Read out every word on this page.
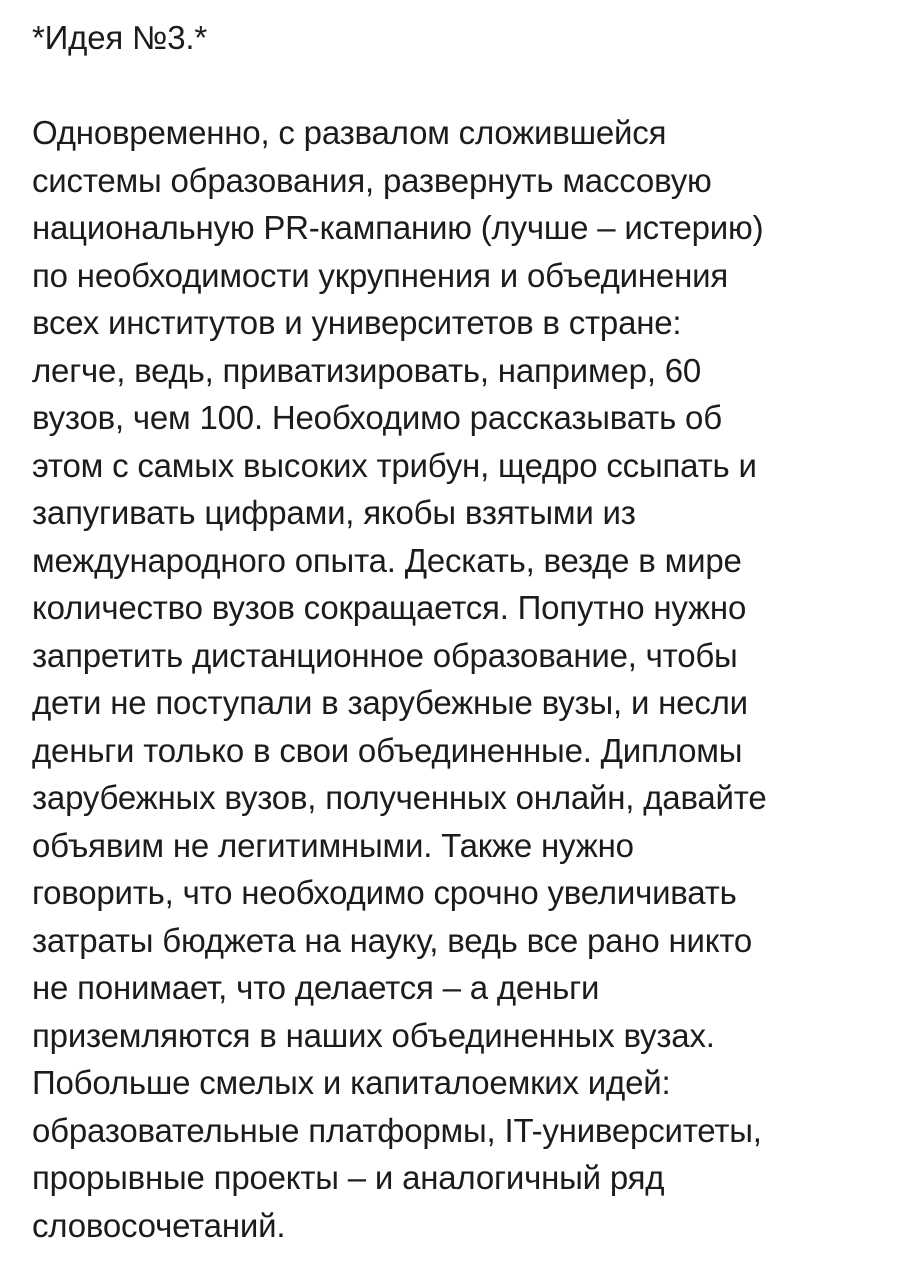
*Идея №3.*
Одновременно, с развалом сложившейся
системы образования, развернуть массовую
национальную PR-кампанию (лучше – истерию)
по необходимости укрупнения и объединения
всех институтов и университетов в стране:
легче, ведь, приватизировать, например, 60
вузов, чем 100. Необходимо рассказывать об
этом с самых высоких трибун, щедро ссыпать и
запугивать цифрами, якобы взятыми из
международного опыта. Дескать, везде в мире
количество вузов сокращается. Попутно нужно
запретить дистанционное образование, чтобы
дети не поступали в зарубежные вузы, и несли
деньги только в свои объединенные. Дипломы
зарубежных вузов, полученных онлайн, давайте
объявим не легитимными. Также нужно
говорить, что необходимо срочно увеличивать
затраты бюджета на науку, ведь все рано никто
не понимает, что делается – а деньги
приземляются в наших объединенных вузах.
Побольше смелых и капиталоемких идей:
образовательные платформы, IT-университеты,
прорывные проекты – и аналогичный ряд
словосочетаний.
